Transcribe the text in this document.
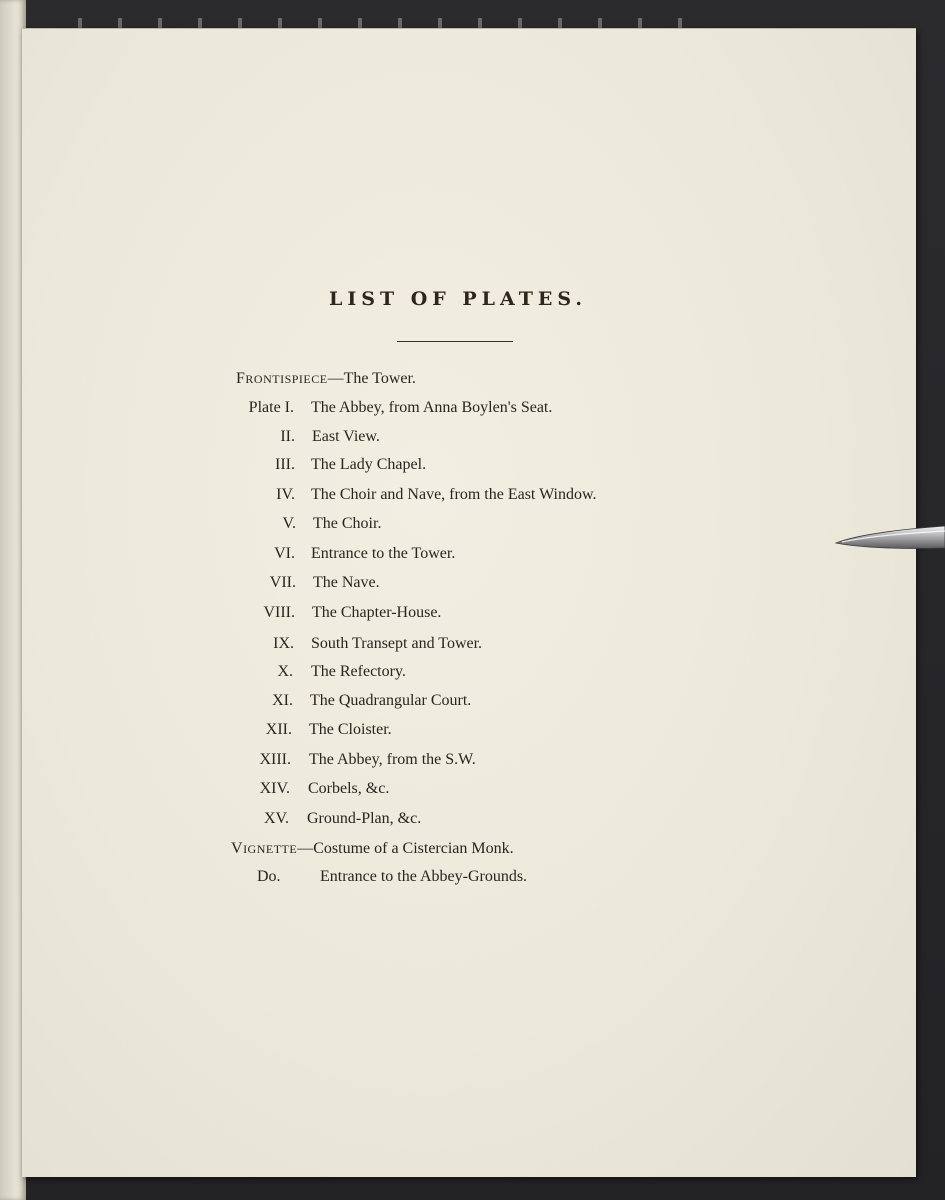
LIST OF PLATES.
FRONTISPIECE—The Tower.
Plate I. The Abbey, from Anna Boylen's Seat.
II. East View.
III. The Lady Chapel.
IV. The Choir and Nave, from the East Window.
V. The Choir.
VI. Entrance to the Tower.
VII. The Nave.
VIII. The Chapter-House.
IX. South Transept and Tower.
X. The Refectory.
XI. The Quadrangular Court.
XII. The Cloister.
XIII. The Abbey, from the S.W.
XIV. Corbels, &c.
XV. Ground-Plan, &c.
VIGNETTE—Costume of a Cistercian Monk.
Do. Entrance to the Abbey-Grounds.
